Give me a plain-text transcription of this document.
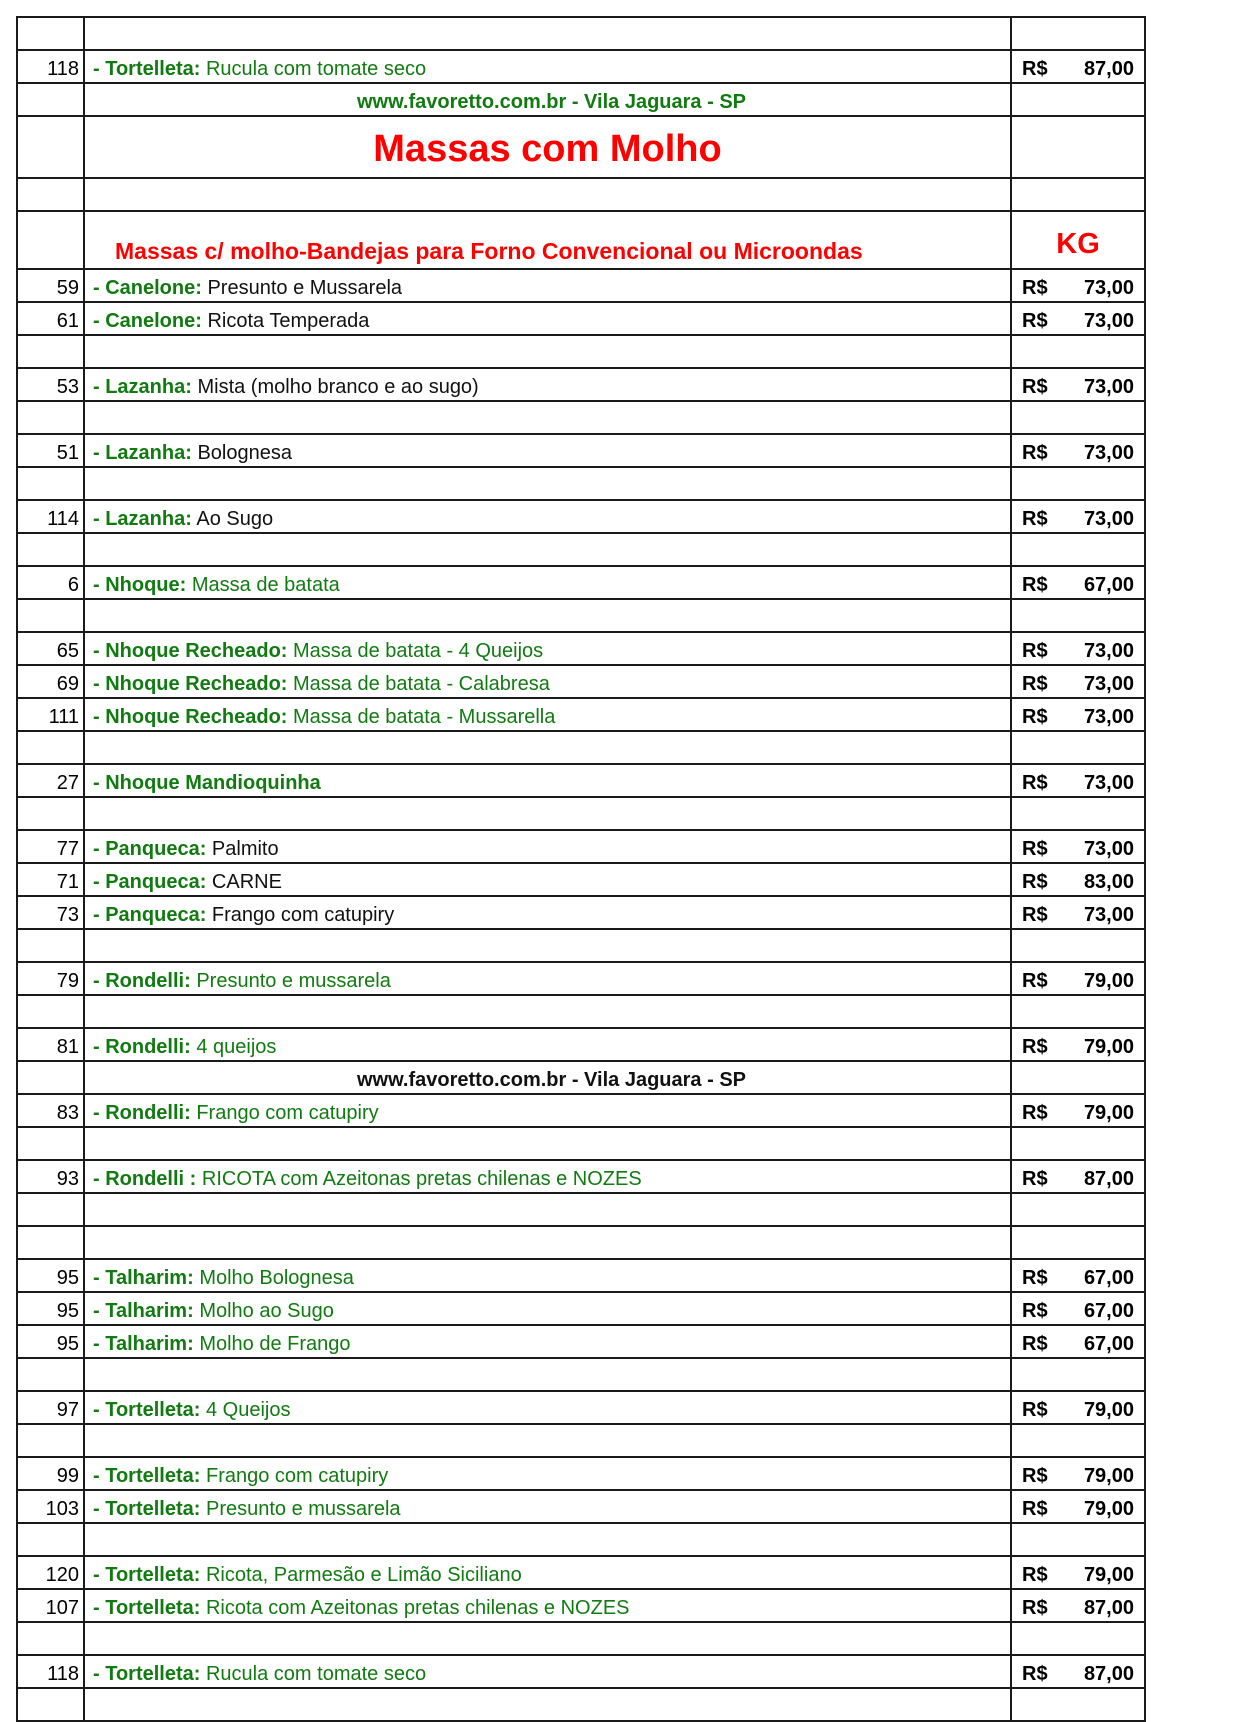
118	- Tortelleta: Rucula com tomate seco	R$ 87,00

	www.favoretto.com.br - Vila Jaguara - SP	
	Massas com Molho	

	Massas c/ molho-Bandejas para Forno Convencional ou Microondas	KG
59	- Canelone: Presunto e Mussarela	R$ 73,00

61	- Canelone: Ricota Temperada	R$ 73,00

53	- Lazanha: Mista (molho branco e ao sugo)	R$ 73,00

51	- Lazanha: Bolognesa	R$ 73,00

114	- Lazanha: Ao Sugo	R$ 73,00

6	- Nhoque: Massa de batata	R$ 67,00

65	- Nhoque Recheado: Massa de batata - 4 Queijos	R$ 73,00

69	- Nhoque Recheado: Massa de batata - Calabresa	R$ 73,00

111	- Nhoque Recheado: Massa de batata - Mussarella	R$ 73,00

27	- Nhoque Mandioquinha	R$ 73,00

77	- Panqueca: Palmito	R$ 73,00

71	- Panqueca: CARNE	R$ 83,00

73	- Panqueca: Frango com catupiry	R$ 73,00

79	- Rondelli: Presunto e mussarela	R$ 79,00

81	- Rondelli: 4 queijos	R$ 79,00

	www.favoretto.com.br - Vila Jaguara - SP	
83	- Rondelli: Frango com catupiry	R$ 79,00

93	- Rondelli : RICOTA com Azeitonas pretas chilenas e NOZES	R$ 87,00

95	- Talharim: Molho Bolognesa	R$ 67,00

95	- Talharim: Molho ao Sugo	R$ 67,00

95	- Talharim: Molho de Frango	R$ 67,00

97	- Tortelleta: 4 Queijos	R$ 79,00

99	- Tortelleta: Frango com catupiry	R$ 79,00

103	- Tortelleta: Presunto e mussarela	R$ 79,00

120	- Tortelleta: Ricota, Parmesão e Limão Siciliano	R$ 79,00

107	- Tortelleta: Ricota com Azeitonas pretas chilenas e NOZES	R$ 87,00

118	- Tortelleta: Rucula com tomate seco	R$ 87,00
